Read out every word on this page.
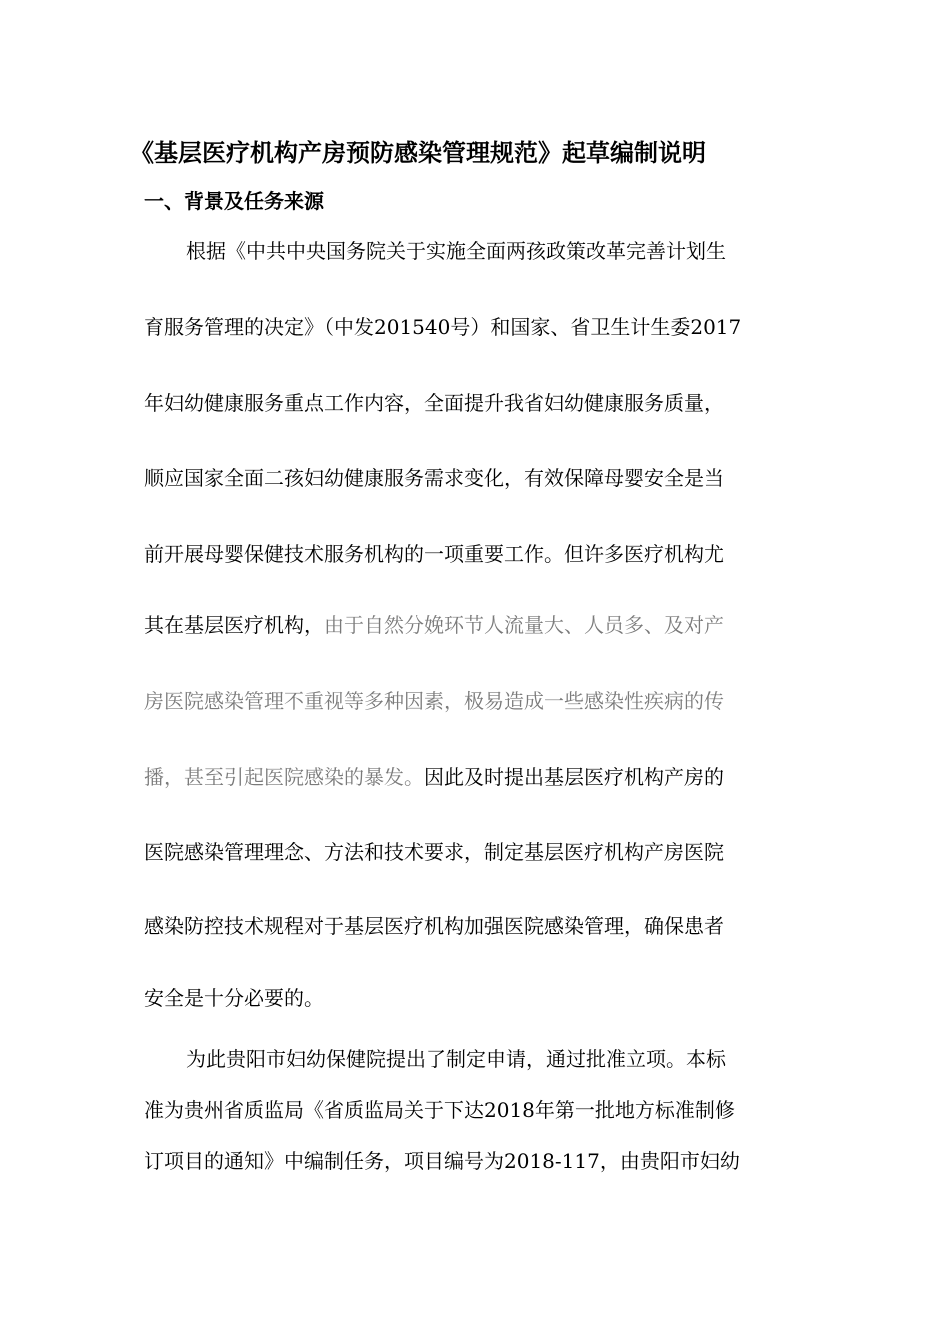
《基层医疗机构产房预防感染管理规范》起草编制说明
一、背景及任务来源
根据《中共中央国务院关于实施全面两孩政策改革完善计划生
育服务管理的决定》（中发201540号）和国家、省卫生计生委2017
年妇幼健康服务重点工作内容，全面提升我省妇幼健康服务质量，
顺应国家全面二孩妇幼健康服务需求变化，有效保障母婴安全是当
前开展母婴保健技术服务机构的一项重要工作。但许多医疗机构尤
其在基层医疗机构，由于自然分娩环节人流量大、人员多、及对产
房医院感染管理不重视等多种因素，极易造成一些感染性疾病的传
播，甚至引起医院感染的暴发。因此及时提出基层医疗机构产房的
医院感染管理理念、方法和技术要求，制定基层医疗机构产房医院
感染防控技术规程对于基层医疗机构加强医院感染管理，确保患者
安全是十分必要的。
为此贵阳市妇幼保健院提出了制定申请，通过批准立项。本标
准为贵州省质监局《省质监局关于下达2018年第一批地方标准制修
订项目的通知》中编制任务，项目编号为2018-117，由贵阳市妇幼
